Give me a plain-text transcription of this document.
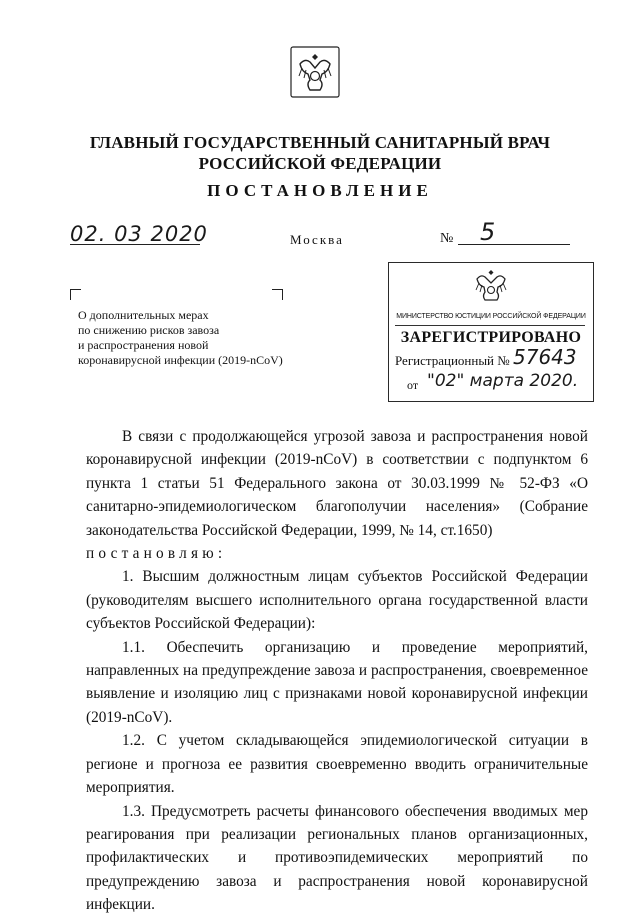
ГЛАВНЫЙ ГОСУДАРСТВЕННЫЙ САНИТАРНЫЙ ВРАЧ
РОССИЙСКОЙ ФЕДЕРАЦИИ
ПОСТАНОВЛЕНИЕ
02. 03 2020	Москва	№ 5
О дополнительных мерах
по снижению рисков завоза
и распространения новой
коронавирусной инфекции (2019-nCoV)
МИНИСТЕРСТВО ЮСТИЦИИ РОССИЙСКОЙ ФЕДЕРАЦИИ
ЗАРЕГИСТРИРОВАНО
Регистрационный № 57643
от "02" марта 2020.

В связи с продолжающейся угрозой завоза и распространения новой коронавирусной инфекции (2019-nCoV) в соответствии с подпунктом 6 пункта 1 статьи 51 Федерального закона от 30.03.1999 № 52-ФЗ «О санитарно-эпидемиологическом благополучии населения» (Собрание законодательства Российской Федерации, 1999, № 14, ст.1650)

постановляю:

1. Высшим должностным лицам субъектов Российской Федерации (руководителям высшего исполнительного органа государственной власти субъектов Российской Федерации):

1.1. Обеспечить организацию и проведение мероприятий, направленных на предупреждение завоза и распространения, своевременное выявление и изоляцию лиц с признаками новой коронавирусной инфекции (2019-nCoV).

1.2. С учетом складывающейся эпидемиологической ситуации в регионе и прогноза ее развития своевременно вводить ограничительные мероприятия.

1.3. Предусмотреть расчеты финансового обеспечения вводимых мер реагирования при реализации региональных планов организационных, профилактических и противоэпидемических мероприятий по предупреждению завоза и распространения новой коронавирусной инфекции.
